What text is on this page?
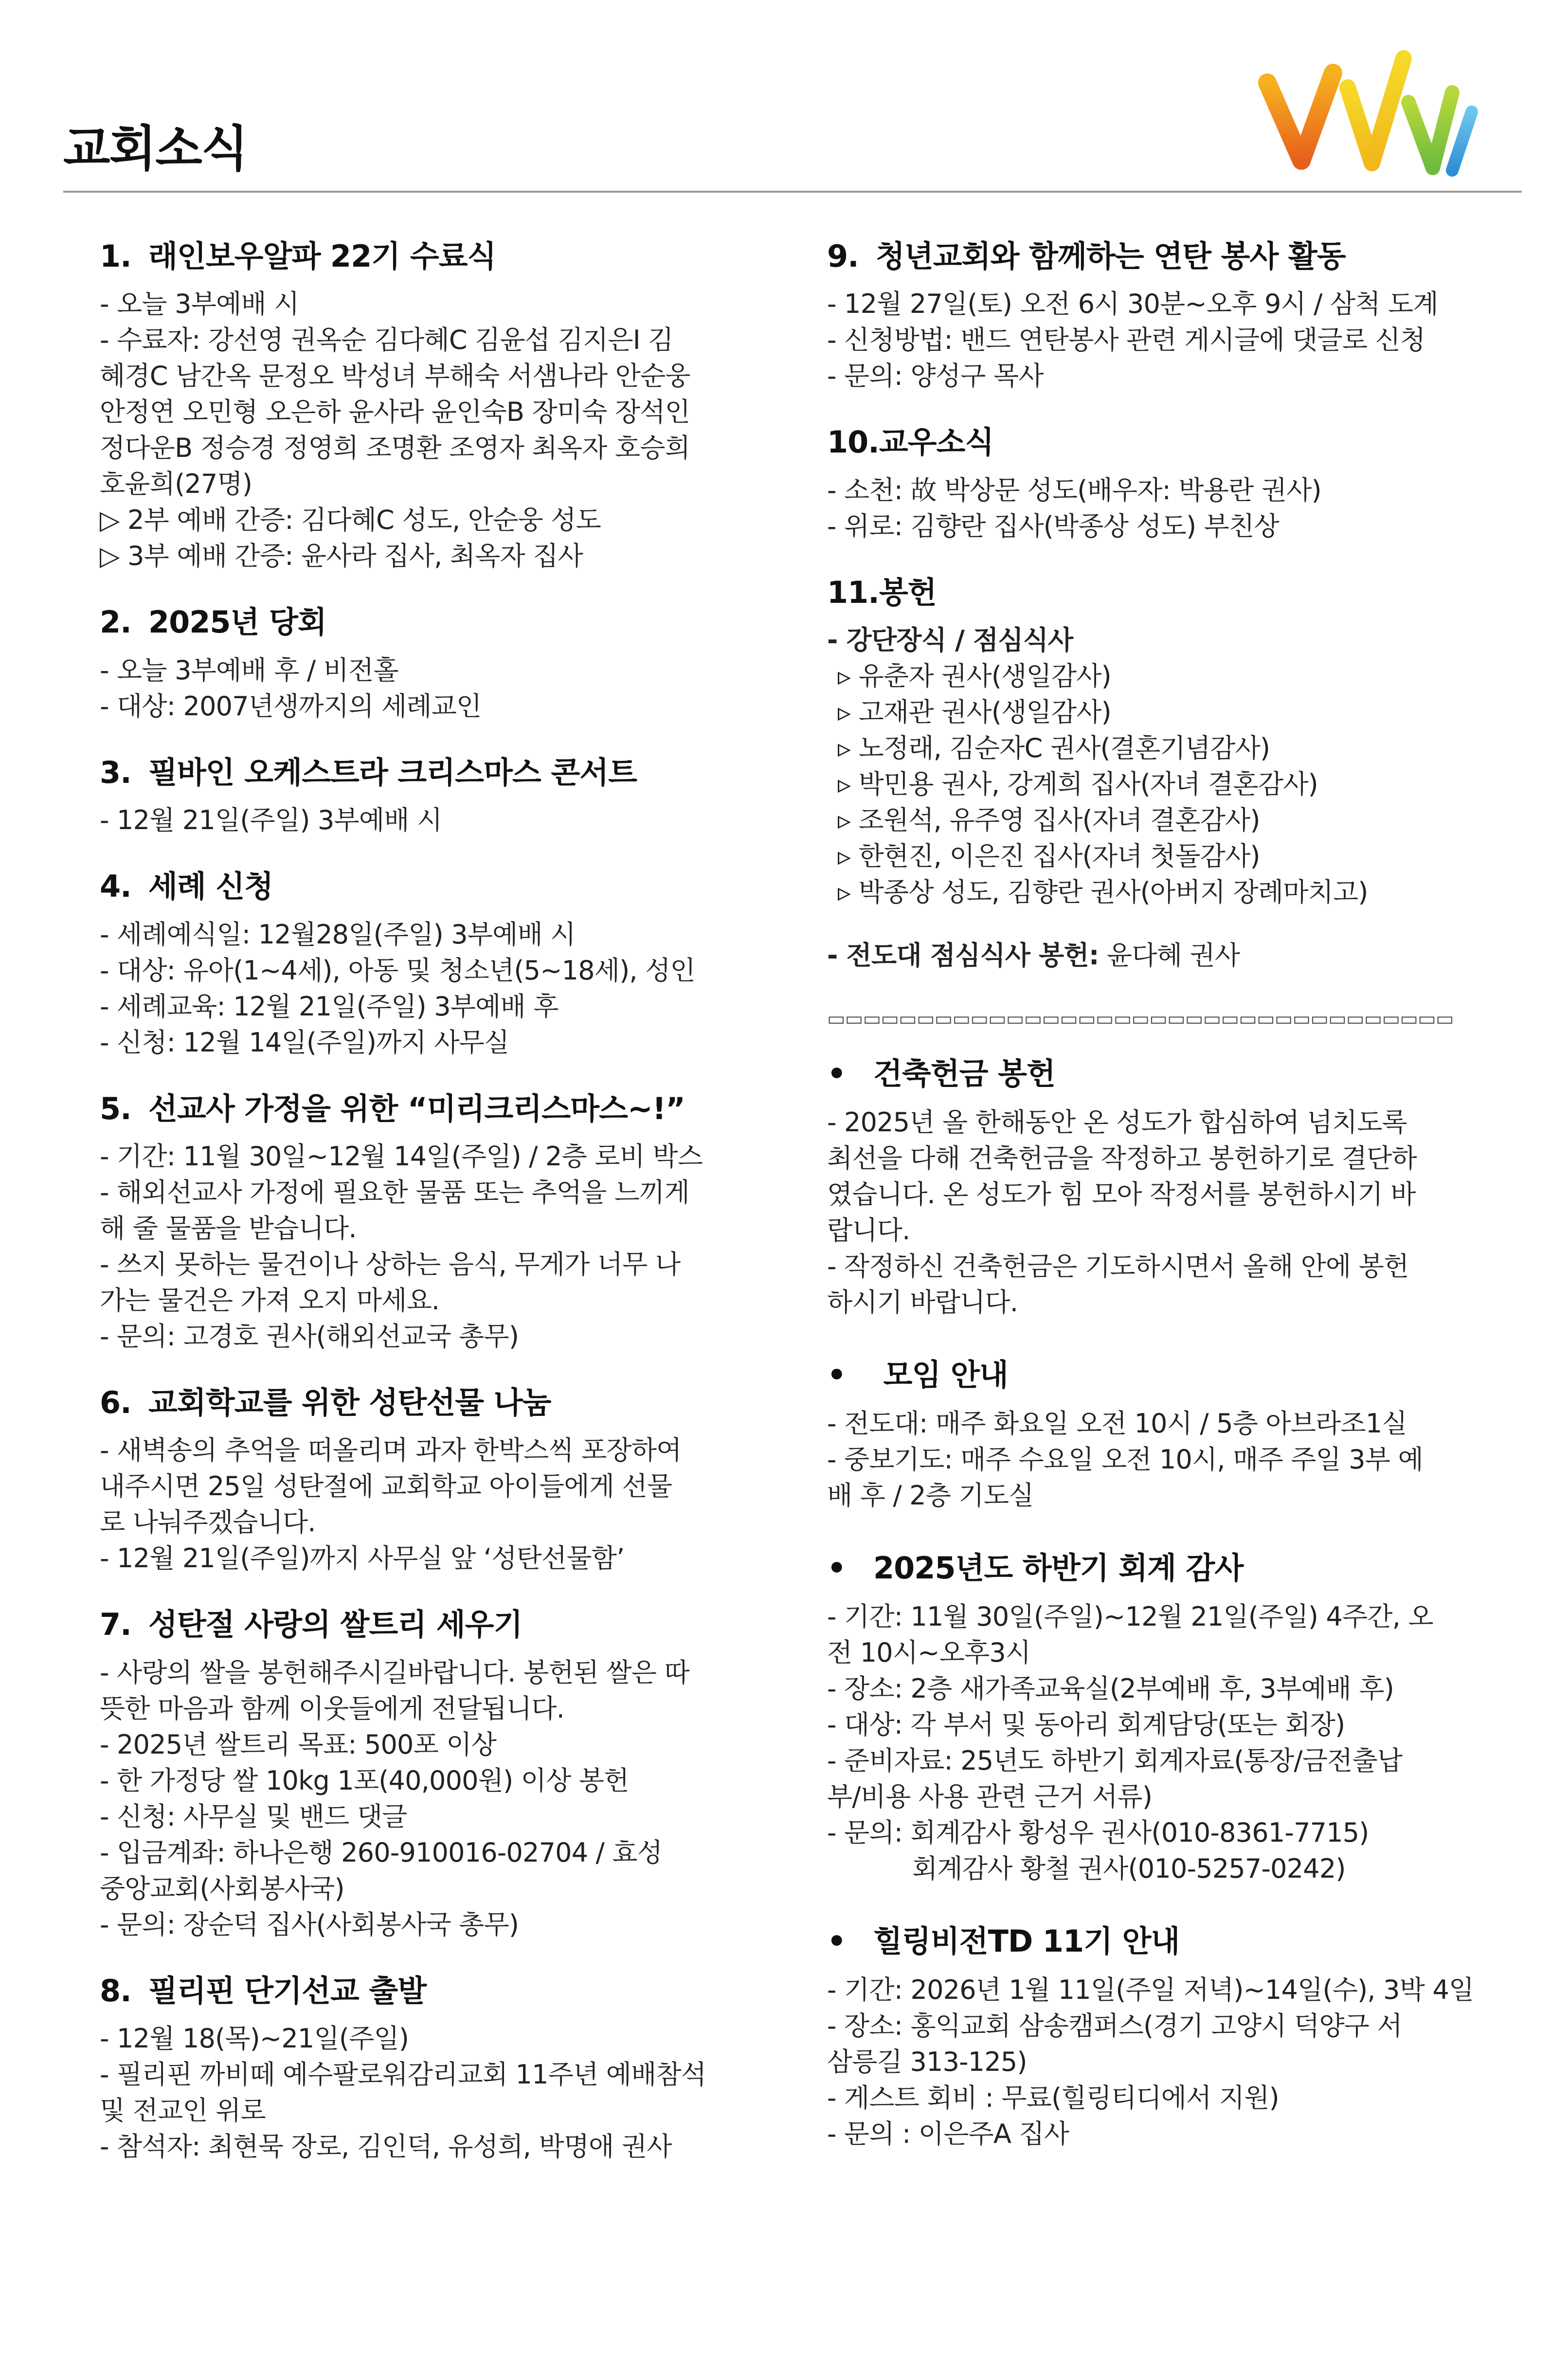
교회소식
1. 래인보우알파 22기 수료식
- 오늘 3부예배 시
- 수료자: 강선영 권옥순 김다혜C 김윤섭 김지은I 김
혜경C 남간옥 문정오 박성녀 부해숙 서샘나라 안순웅
안정연 오민형 오은하 윤사라 윤인숙B 장미숙 장석인
정다운B 정승경 정영희 조명환 조영자 최옥자 호승희
호윤희(27명)
▷ 2부 예배 간증: 김다혜C 성도, 안순웅 성도
▷ 3부 예배 간증: 윤사라 집사, 최옥자 집사
2. 2025년 당회
- 오늘 3부예배 후 / 비전홀
- 대상: 2007년생까지의 세례교인
3. 필바인 오케스트라 크리스마스 콘서트
- 12월 21일(주일) 3부예배 시
4. 세례 신청
- 세례예식일: 12월28일(주일) 3부예배 시
- 대상: 유아(1~4세), 아동 및 청소년(5~18세), 성인
- 세례교육: 12월 21일(주일) 3부예배 후
- 신청: 12월 14일(주일)까지 사무실
5. 선교사 가정을 위한 “미리크리스마스~!”
- 기간: 11월 30일~12월 14일(주일) / 2층 로비 박스
- 해외선교사 가정에 필요한 물품 또는 추억을 느끼게
해 줄 물품을 받습니다.
- 쓰지 못하는 물건이나 상하는 음식, 무게가 너무 나
가는 물건은 가져 오지 마세요.
- 문의: 고경호 권사(해외선교국 총무)
6. 교회학교를 위한 성탄선물 나눔
- 새벽송의 추억을 떠올리며 과자 한박스씩 포장하여
내주시면 25일 성탄절에 교회학교 아이들에게 선물
로 나눠주겠습니다.
- 12월 21일(주일)까지 사무실 앞 ‘성탄선물함’
7. 성탄절 사랑의 쌀트리 세우기
- 사랑의 쌀을 봉헌해주시길바랍니다. 봉헌된 쌀은 따
뜻한 마음과 함께 이웃들에게 전달됩니다.
- 2025년 쌀트리 목표: 500포 이상
- 한 가정당 쌀 10kg 1포(40,000원) 이상 봉헌
- 신청: 사무실 및 밴드 댓글
- 입금계좌: 하나은행 260-910016-02704 / 효성
중앙교회(사회봉사국)
- 문의: 장순덕 집사(사회봉사국 총무)
8. 필리핀 단기선교 출발
- 12월 18(목)~21일(주일)
- 필리핀 까비떼 예수팔로워감리교회 11주년 예배참석
및 전교인 위로
- 참석자: 최현묵 장로, 김인덕, 유성희, 박명애 권사
9. 청년교회와 함께하는 연탄 봉사 활동
- 12월 27일(토) 오전 6시 30분~오후 9시 / 삼척 도계
- 신청방법: 밴드 연탄봉사 관련 게시글에 댓글로 신청
- 문의: 양성구 목사
10.교우소식
- 소천: 故 박상문 성도(배우자: 박용란 권사)
- 위로: 김향란 집사(박종상 성도) 부친상
11.봉헌
- 강단장식 / 점심식사
▹ 유춘자 권사(생일감사)
▹ 고재관 권사(생일감사)
▹ 노정래, 김순자C 권사(결혼기념감사)
▹ 박민용 권사, 강계희 집사(자녀 결혼감사)
▹ 조원석, 유주영 집사(자녀 결혼감사)
▹ 한현진, 이은진 집사(자녀 첫돌감사)
▹ 박종상 성도, 김향란 권사(아버지 장례마치고)
- 전도대 점심식사 봉헌: 윤다혜 권사
▭▭▭▭▭▭▭▭▭▭▭▭▭▭▭▭▭▭▭▭▭▭▭▭▭▭▭▭▭▭▭▭▭▭▭
• 건축헌금 봉헌
- 2025년 올 한해동안 온 성도가 합심하여 넘치도록
최선을 다해 건축헌금을 작정하고 봉헌하기로 결단하
였습니다. 온 성도가 힘 모아 작정서를 봉헌하시기 바
랍니다.
- 작정하신 건축헌금은 기도하시면서 올해 안에 봉헌
하시기 바랍니다.
• 모임 안내
- 전도대: 매주 화요일 오전 10시 / 5층 아브라조1실
- 중보기도: 매주 수요일 오전 10시, 매주 주일 3부 예
배 후 / 2층 기도실
• 2025년도 하반기 회계 감사
- 기간: 11월 30일(주일)~12월 21일(주일) 4주간, 오
전 10시~오후3시
- 장소: 2층 새가족교육실(2부예배 후, 3부예배 후)
- 대상: 각 부서 및 동아리 회계담당(또는 회장)
- 준비자료: 25년도 하반기 회계자료(통장/금전출납
부/비용 사용 관련 근거 서류)
- 문의: 회계감사 황성우 권사(010-8361-7715)
회계감사 황철 권사(010-5257-0242)
• 힐링비전TD 11기 안내
- 기간: 2026년 1월 11일(주일 저녁)~14일(수), 3박 4일
- 장소: 홍익교회 삼송캠퍼스(경기 고양시 덕양구 서
삼릉길 313-125)
- 게스트 회비 : 무료(힐링티디에서 지원)
- 문의 : 이은주A 집사
